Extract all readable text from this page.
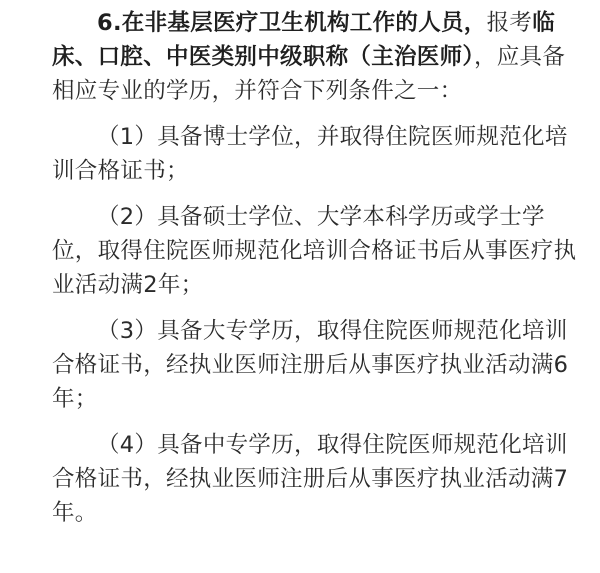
6.在非基层医疗卫生机构工作的人员，报考临床、口腔、中医类别中级职称（主治医师），应具备相应专业的学历，并符合下列条件之一：

（1）具备博士学位，并取得住院医师规范化培训合格证书；

（2）具备硕士学位、大学本科学历或学士学位，取得住院医师规范化培训合格证书后从事医疗执业活动满2年；

（3）具备大专学历，取得住院医师规范化培训合格证书，经执业医师注册后从事医疗执业活动满6年；

（4）具备中专学历，取得住院医师规范化培训合格证书，经执业医师注册后从事医疗执业活动满7年。
